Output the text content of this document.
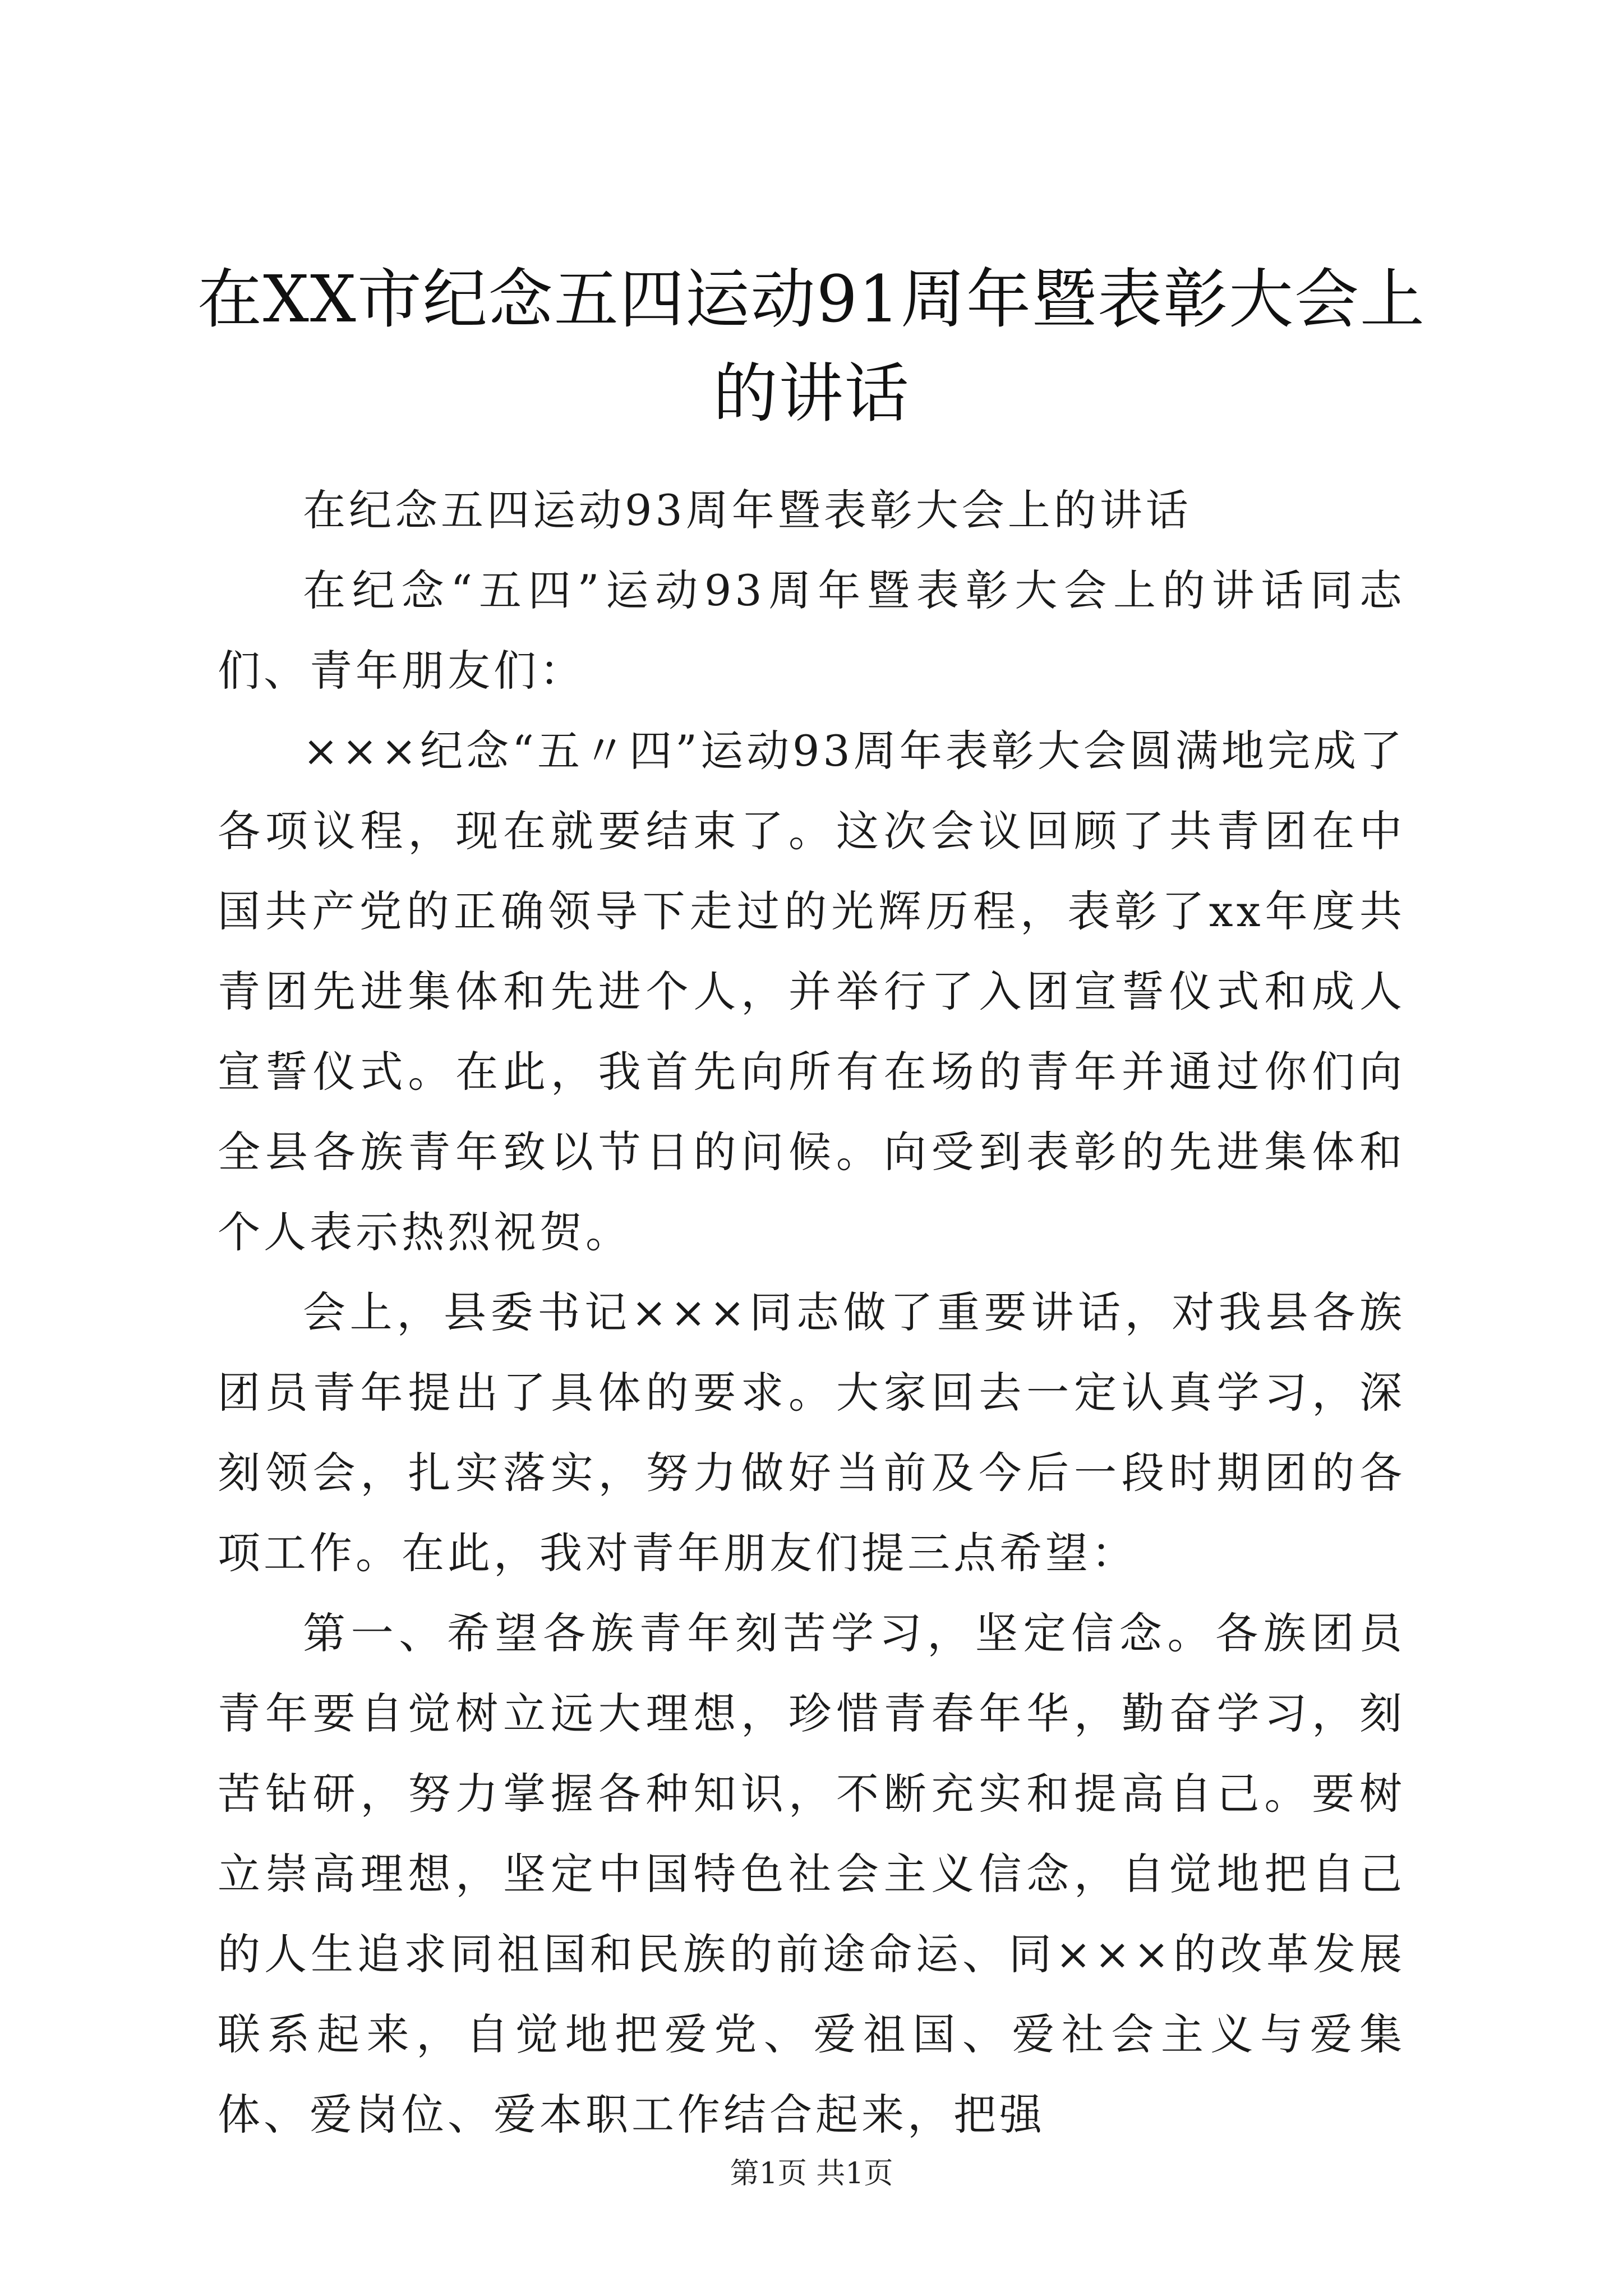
在XX市纪念五四运动91周年暨表彰大会上的讲话

在纪念五四运动93周年暨表彰大会上的讲话

在纪念“五四”运动93周年暨表彰大会上的讲话同志们、青年朋友们：

×××纪念“五〃四”运动93周年表彰大会圆满地完成了各项议程，现在就要结束了。这次会议回顾了共青团在中国共产党的正确领导下走过的光辉历程，表彰了xx年度共青团先进集体和先进个人，并举行了入团宣誓仪式和成人宣誓仪式。在此，我首先向所有在场的青年并通过你们向全县各族青年致以节日的问候。向受到表彰的先进集体和个人表示热烈祝贺。

会上，县委书记×××同志做了重要讲话，对我县各族团员青年提出了具体的要求。大家回去一定认真学习，深刻领会，扎实落实，努力做好当前及今后一段时期团的各项工作。在此，我对青年朋友们提三点希望：

第一、希望各族青年刻苦学习，坚定信念。各族团员青年要自觉树立远大理想，珍惜青春年华，勤奋学习，刻苦钻研，努力掌握各种知识，不断充实和提高自己。要树立崇高理想，坚定中国特色社会主义信念，自觉地把自己的人生追求同祖国和民族的前途命运、同×××的改革发展联系起来，自觉地把爱党、爱祖国、爱社会主义与爱集体、爱岗位、爱本职工作结合起来，把强

第1页 共1页
